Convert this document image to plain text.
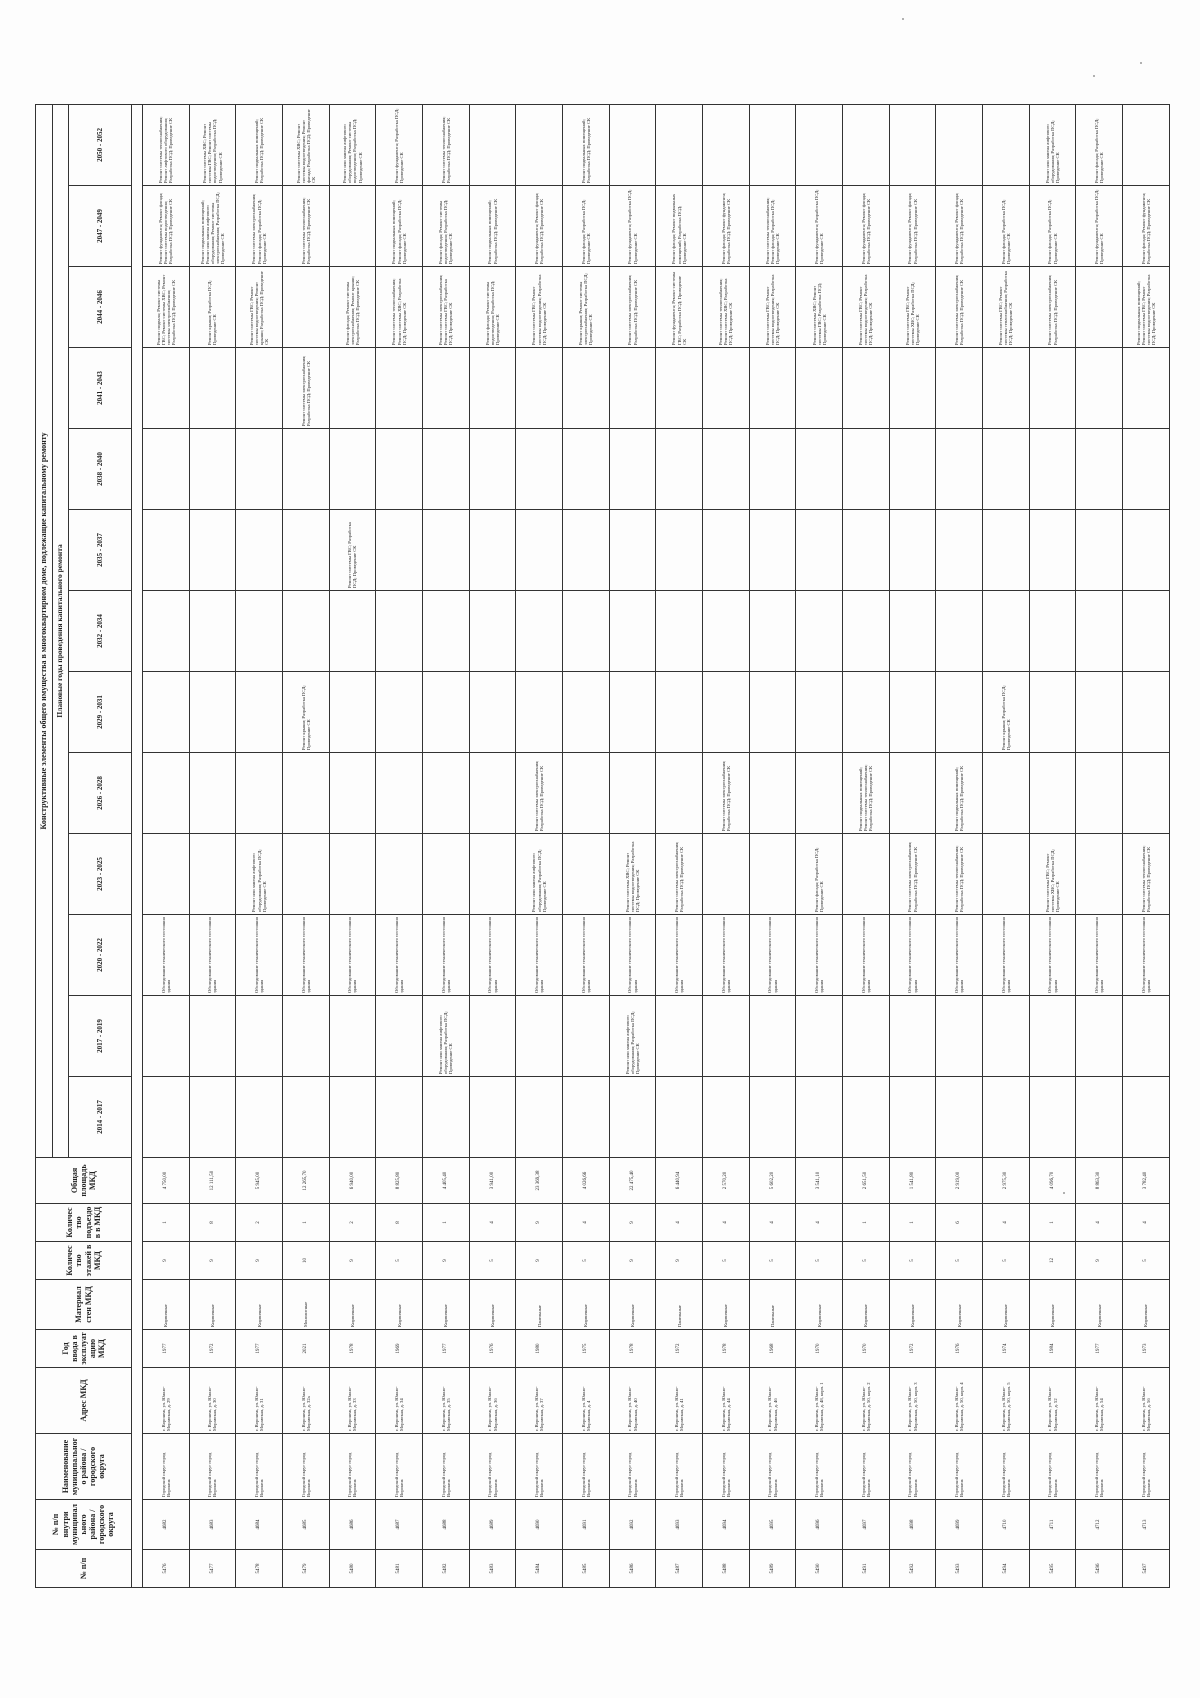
№ п/п	№ п/п внутри муниципального района / городского округа	Наименование муниципального района / городского округа	Адрес МКД	Год ввода в эксплуатацию МКД	Материал стен МКД	Количество этажей в МКД	Количество подъездов в МКД	Общая площадь МКД	Конструктивные элементы общего имущества в многоквартирном доме, подлежащие капитальному ремонту												
									Плановые годы проведения капитального ремонта												
									2014 - 2017	2017 - 2019	2020 - 2022	2023 - 2025	2026 - 2028	2029 - 2031	2032 - 2034	2035 - 2037	2038 - 2040	2041 - 2043	2044 - 2046	2047 - 2049	2050 - 2052

5476	4682	Городской округ город Воронеж	г. Воронеж, ул. Южно-Моравская, д. 29	1977	Кирпичные	9	1	4 750,00			Обследование технического состояния здания								Ремонт подвала; Ремонт системы ГВС; Ремонт системы ХВС; Ремонт системы электроснабжения; Разработка ПСД; Проведение СК	Ремонт фундамента; Ремонт фасада; Ремонт системы водоотведения; Разработка ПСД; Проведение СК	Ремонт системы теплоснабжения; Ремонт лифтового оборудования; Разработка ПСД; Проведение СК
5477	4683	Городской округ город Воронеж	г. Воронеж, ул. Южно-Моравская, д. 30	1972	Кирпичные	9	8	12 111,50			Обследование технического состояния здания								Ремонт крыши; Разработка ПСД; Проведение СК	Ремонт подвальных помещений; Ремонт или замена лифтового оборудования; Ремонт системы электроснабжения; Разработка ПСД; Проведение СК	Ремонт системы ХВС; Ремонт системы ГВС; Ремонт системы водоотведения; Разработка ПСД; Проведение СК
5478	4684	Городской округ город Воронеж	г. Воронеж, ул. Южно-Моравская, д. 31	1977	Кирпичные	9	2	5 945,00			Обследование технического состояния здания	Ремонт или замена лифтового оборудования; Разработка ПСД; Проведение СК							Ремонт системы ГВС; Ремонт системы водоотведения; Ремонт крыши; Разработка ПСД; Проведение СК	Ремонт системы электроснабжения; Ремонт фасада; Разработка ПСД; Проведение СК	Ремонт подвальных помещений; Разработка ПСД; Проведение СК
5479	4685	Городской округ город Воронеж	г. Воронеж, ул. Южно-Моравская, д. 32а	2021	Монолитные	10	1	12 265,70			Обследование технического состояния здания			Ремонт крыши; Разработка ПСД; Проведение СК				Ремонт системы электроснабжения; Разработка ПСД; Проведение СК		Ремонт системы теплоснабжения; Разработка ПСД; Проведение СК	Ремонт системы ХВС; Ремонт системы водоотведения; Ремонт фасада; Разработка ПСД; Проведение СК
5480	4686	Городской округ город Воронеж	г. Воронеж, ул. Южно-Моравская, д. 33	1978	Кирпичные	9	2	6 940,00			Обследование технического состояния здания					Ремонт системы ГВС; Разработка ПСД; Проведение СК			Ремонт фасада; Ремонт системы электроснабжения; Ремонт крыши; Разработка ПСД; Проведение СК		Ремонт или замена лифтового оборудования; Ремонт системы водоотведения; Разработка ПСД; Проведение СК
5481	4687	Городской округ город Воронеж	г. Воронеж, ул. Южно-Моравская, д. 34	1969	Кирпичные	5	8	8 825,80			Обследование технического состояния здания								Ремонт системы теплоснабжения; Ремонт системы ХВС; Разработка ПСД; Проведение СК	Ремонт подвальных помещений; Ремонт фасада; Разработка ПСД; Проведение СК	Ремонт фундамента; Разработка ПСД; Проведение СК
5482	4688	Городской округ город Воронеж	г. Воронеж, ул. Южно-Моравская, д. 35	1977	Кирпичные	9	1	4 405,40		Ремонт или замена лифтового оборудования; Разработка ПСД; Проведение СК	Обследование технического состояния здания								Ремонт системы электроснабжения; Ремонт системы ГВС; Разработка ПСД; Проведение СК	Ремонт фасада; Ремонт системы водоотведения; Разработка ПСД; Проведение СК	Ремонт системы теплоснабжения; Разработка ПСД; Проведение СК
5483	4689	Городской округ город Воронеж	г. Воронеж, ул. Южно-Моравская, д. 36	1976	Кирпичные	5	4	3 941,00			Обследование технического состояния здания								Ремонт фасада; Ремонт системы водоотведения; Разработка ПСД; Проведение СК	Ремонт подвальных помещений; Разработка ПСД; Проведение СК	
5484	4690	Городской округ город Воронеж	г. Воронеж, ул. Южно-Моравская, д. 37	1980	Панельные	9	9	23 369,38			Обследование технического состояния здания	Ремонт или замена лифтового оборудования; Разработка ПСД; Проведение СК	Ремонт системы электроснабжения; Разработка ПСД; Проведение СК						Ремонт системы ГВС; Ремонт системы водоотведения; Разработка ПСД; Проведение СК	Ремонт фундамента; Ремонт фасада; Разработка ПСД; Проведение СК	
5485	4691	Городской округ город Воронеж	г. Воронеж, ул. Южно-Моравская, д. 4	1975	Кирпичные	5	4	4 026,66			Обследование технического состояния здания								Ремонт крыши; Ремонт системы электроснабжения; Разработка ПСД; Проведение СК	Ремонт фасада; Разработка ПСД; Проведение СК	Ремонт подвальных помещений; Разработка ПСД; Проведение СК
5486	4692	Городской округ город Воронеж	г. Воронеж, ул. Южно-Моравская, д. 40	1978	Кирпичные	9	9	22 475,40		Ремонт или замена лифтового оборудования; Разработка ПСД; Проведение СК	Обследование технического состояния здания	Ремонт системы ХВС; Ремонт системы водоотведения; Разработка ПСД; Проведение СК							Ремонт системы электроснабжения; Разработка ПСД; Проведение СК	Ремонт фундамента; Разработка ПСД; Проведение СК	
5487	4693	Городской округ город Воронеж	г. Воронеж, ул. Южно-Моравская, д. 41	1972	Панельные	9	4	6 440,94			Обследование технического состояния здания	Ремонт системы электроснабжения; Разработка ПСД; Проведение СК							Ремонт фундамента; Ремонт системы ГВС; Разработка ПСД; Проведение СК	Ремонт фасада; Ремонт подвальных помещений; Разработка ПСД; Проведение СК	
5488	4694	Городской округ город Воронеж	г. Воронеж, ул. Южно-Моравская, д. 44	1978	Кирпичные	5	4	2 570,20			Обследование технического состояния здания		Ремонт системы электроснабжения; Разработка ПСД; Проведение СК						Ремонт системы теплоснабжения; Ремонт системы ХВС; Разработка ПСД; Проведение СК	Ремонт фасада; Ремонт фундамента; Разработка ПСД; Проведение СК	
5489	4695	Городской округ город Воронеж	г. Воронеж, ул. Южно-Моравская, д. 46	1968	Панельные	5	4	5 602,20			Обследование технического состояния здания								Ремонт системы ГВС; Ремонт системы водоотведения; Разработка ПСД; Проведение СК	Ремонт системы теплоснабжения; Ремонт фасада; Разработка ПСД; Проведение СК	
5490	4696	Городской округ город Воронеж	г. Воронеж, ул. Южно-Моравская, д. 48, корп. 1	1970	Кирпичные	5	4	3 541,10			Обследование технического состояния здания	Ремонт фасада; Разработка ПСД; Проведение СК							Ремонт системы ХВС; Ремонт системы ГВС; Разработка ПСД; Проведение СК	Ремонт фундамента; Разработка ПСД; Проведение СК	
5491	4697	Городской округ город Воронеж	г. Воронеж, ул. Южно-Моравская, д. 50, корп. 2	1970	Кирпичные	5	1	2 651,50			Обследование технического состояния здания		Ремонт подвальных помещений; Ремонт системы теплоснабжения; Разработка ПСД; Проведение СК						Ремонт системы ГВС; Ремонт системы водоотведения; Разработка ПСД; Проведение СК	Ремонт фундамента; Ремонт фасада; Разработка ПСД; Проведение СК	
5492	4698	Городской округ город Воронеж	г. Воронеж, ул. Южно-Моравская, д. 50, корп. 3	1972	Кирпичные	5	1	1 541,80			Обследование технического состояния здания	Ремонт системы электроснабжения; Разработка ПСД; Проведение СК							Ремонт системы ГВС; Ремонт системы ХВС; Разработка ПСД; Проведение СК	Ремонт фундамента; Ремонт фасада; Разработка ПСД; Проведение СК	
5493	4699	Городской округ город Воронеж	г. Воронеж, ул. Южно-Моравская, д. 50, корп. 4	1976	Кирпичные	5	6	2 919,00			Обследование технического состояния здания	Ремонт системы теплоснабжения; Разработка ПСД; Проведение СК	Ремонт подвальных помещений; Разработка ПСД; Проведение СК						Ремонт системы электроснабжения; Разработка ПСД; Проведение СК	Ремонт фундамента; Ремонт фасада; Разработка ПСД; Проведение СК	
5494	4710	Городской округ город Воронеж	г. Воронеж, ул. Южно-Моравская, д. 50, корп. 5	1974	Кирпичные	5	4	2 975,30			Обследование технического состояния здания			Ремонт крыши; Разработка ПСД; Проведение СК					Ремонт системы ГВС; Ремонт системы теплоснабжения; Разработка ПСД; Проведение СК	Ремонт фасада; Разработка ПСД; Проведение СК	
5495	4711	Городской округ город Воронеж	г. Воронеж, ул. Южно-Моравская, д. 52	1984	Кирпичные	12	1	4 096,70			Обследование технического состояния здания	Ремонт системы ГВС; Ремонт системы ХВС; Разработка ПСД; Проведение СК							Ремонт системы электроснабжения; Разработка ПСД; Проведение СК	Ремонт фасада; Разработка ПСД; Проведение СК	Ремонт или замена лифтового оборудования; Разработка ПСД; Проведение СК
5496	4712	Городской округ город Воронеж	г. Воронеж, ул. Южно-Моравская, д. 54	1977	Кирпичные	9	4	8 863,30			Обследование технического состояния здания									Ремонт фундамента; Разработка ПСД; Проведение СК	Ремонт фасада; Разработка ПСД; Проведение СК
5497	4713	Городской округ город Воронеж	г. Воронеж, ул. Южно-Моравская, д. 56	1973	Кирпичные	5	4	3 782,40			Обследование технического состояния здания	Ремонт системы теплоснабжения; Разработка ПСД; Проведение СК							Ремонт подвальных помещений; Ремонт системы ГВС; Ремонт системы водоотведения; Разработка ПСД; Проведение СК	Ремонт фасада; Ремонт фундамента; Разработка ПСД; Проведение СК	
